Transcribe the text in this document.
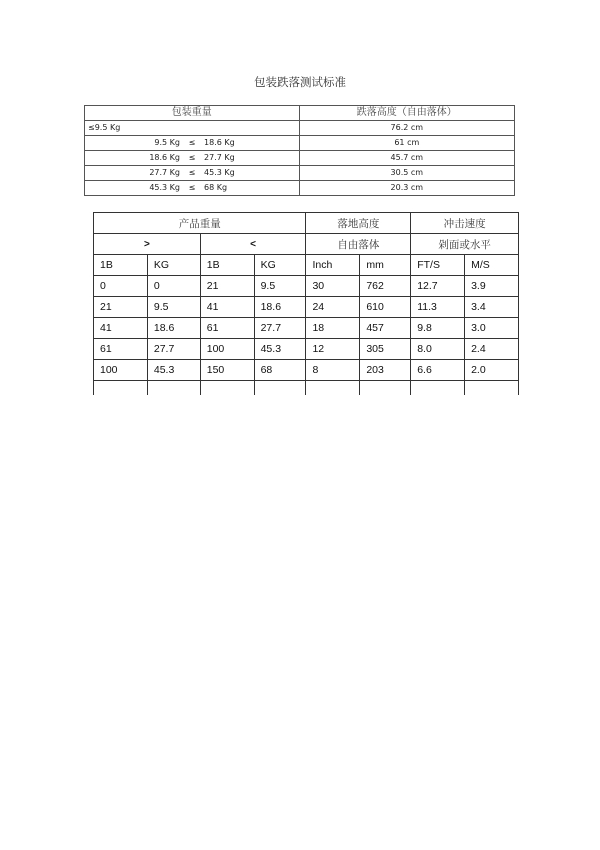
包装跌落测试标准
包装重量	跌落高度（自由落体）
≤9.5 Kg	76.2 cm
9.5 Kg ≤ 18.6 Kg	61 cm
18.6 Kg ≤ 27.7 Kg	45.7 cm
27.7 Kg ≤ 45.3 Kg	30.5 cm
45.3 Kg ≤ 68 Kg	20.3 cm
产品重量				落地高度		冲击速度	
>		<		自由落体		剁面或水平	
1B	KG	1B	KG	Inch	mm	FT/S	M/S
0	0	21	9.5	30	762	12.7	3.9
21	9.5	41	18.6	24	610	11.3	3.4
41	18.6	61	27.7	18	457	9.8	3.0
61	27.7	100	45.3	12	305	8.0	2.4
100	45.3	150	68	8	203	6.6	2.0
